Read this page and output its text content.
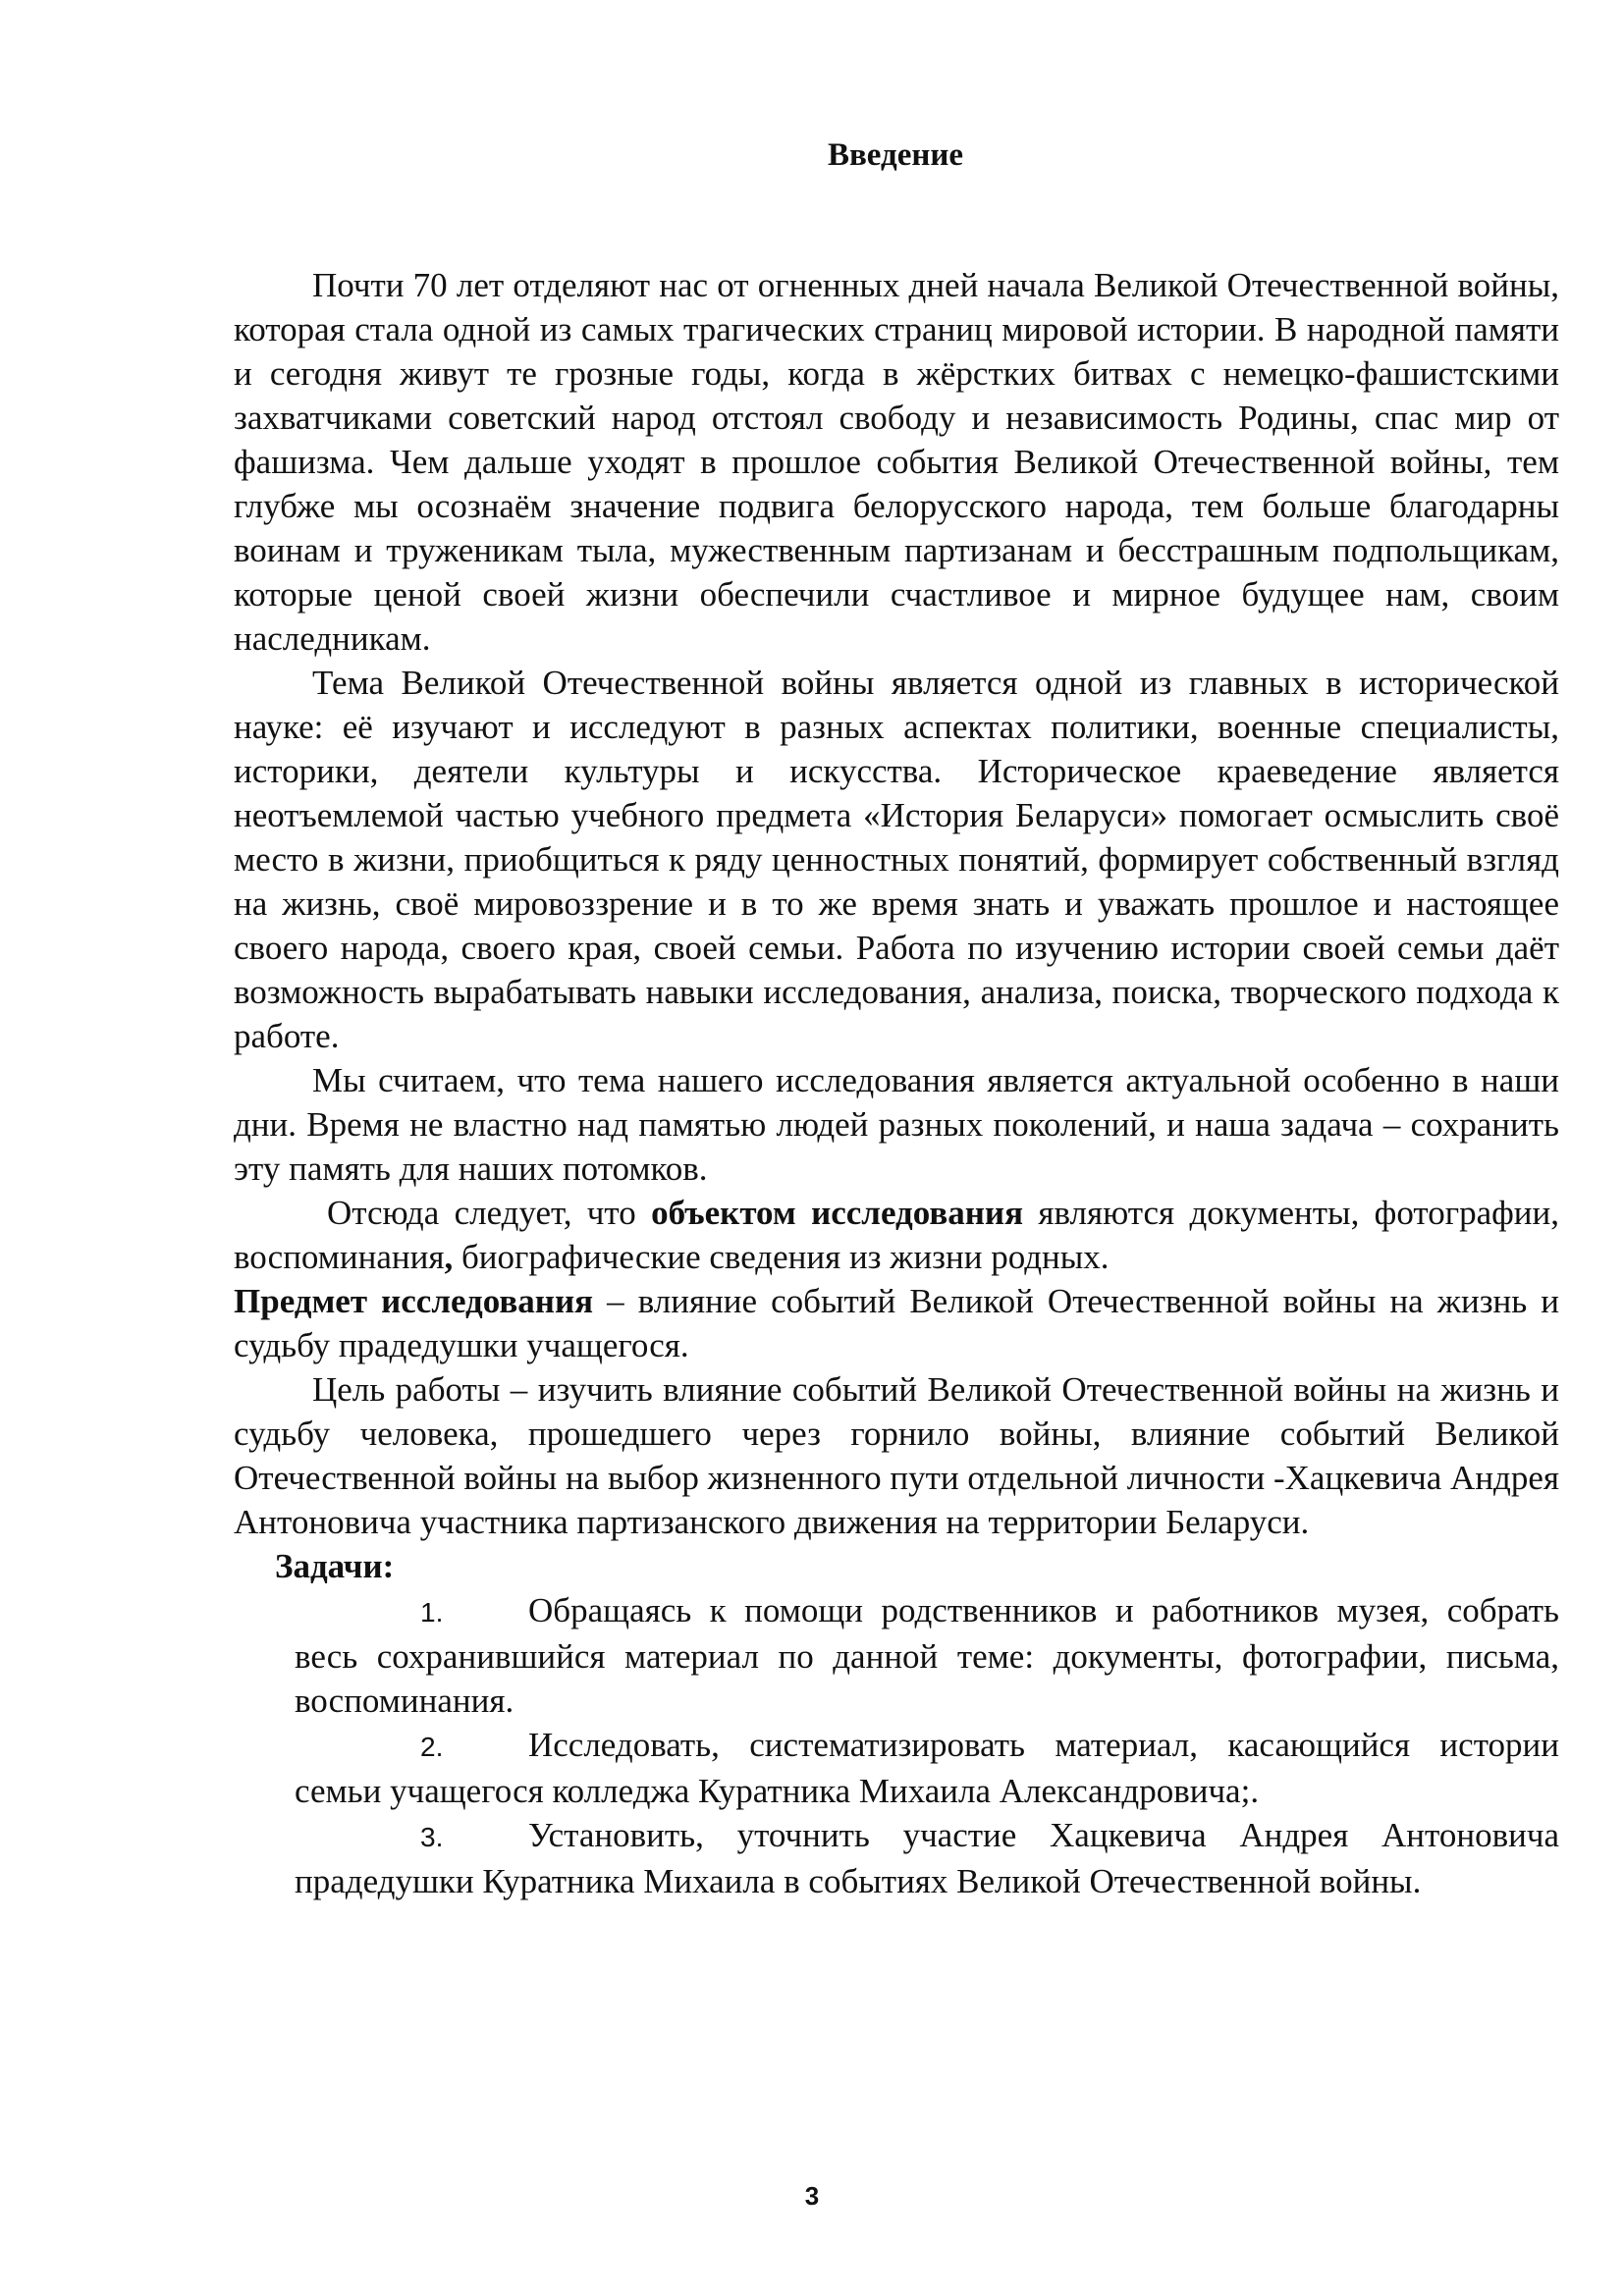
Введение

Почти 70 лет отделяют нас от огненных дней начала Великой Отечественной войны, которая стала одной из самых трагических страниц мировой истории. В народной памяти и сегодня живут те грозные годы, когда в жёрстких битвах с немецко-фашистскими захватчиками советский народ отстоял свободу и независимость Родины, спас мир от фашизма. Чем дальше уходят в прошлое события Великой Отечественной войны, тем глубже мы осознаём значение подвига белорусского народа, тем больше благодарны воинам и труженикам тыла, мужественным партизанам и бесстрашным подпольщикам, которые ценой своей жизни обеспечили счастливое и мирное будущее нам, своим наследникам.

Тема Великой Отечественной войны является одной из главных в исторической науке: её изучают и исследуют в разных аспектах политики, военные специалисты, историки, деятели культуры и искусства. Историческое краеведение является неотъемлемой частью учебного предмета «История Беларуси» помогает осмыслить своё место в жизни, приобщиться к ряду ценностных понятий, формирует собственный взгляд на жизнь, своё мировоззрение и в то же время знать и уважать прошлое и настоящее своего народа, своего края, своей семьи. Работа по изучению истории своей семьи даёт возможность вырабатывать навыки исследования, анализа, поиска, творческого подхода к работе.

Мы считаем, что тема нашего исследования является актуальной особенно в наши дни. Время не властно над памятью людей разных поколений, и наша задача – сохранить эту память для наших потомков.

Отсюда следует, что объектом исследования являются документы, фотографии, воспоминания, биографические сведения из жизни родных.

Предмет исследования – влияние событий Великой Отечественной войны на жизнь и судьбу прадедушки учащегося.

Цель работы – изучить влияние событий Великой Отечественной войны на жизнь и судьбу человека, прошедшего через горнило войны, влияние событий Великой Отечественной войны на выбор жизненного пути отдельной личности -Хацкевича Андрея Антоновича участника партизанского движения на территории Беларуси.

Задачи:

1. Обращаясь к помощи родственников и работников музея, собрать весь сохранившийся материал по данной теме: документы, фотографии, письма, воспоминания.

2. Исследовать, систематизировать материал, касающийся истории семьи учащегося колледжа Куратника Михаила Александровича;.

3. Установить, уточнить участие Хацкевича Андрея Антоновича прадедушки Куратника Михаила в событиях Великой Отечественной войны.

3
